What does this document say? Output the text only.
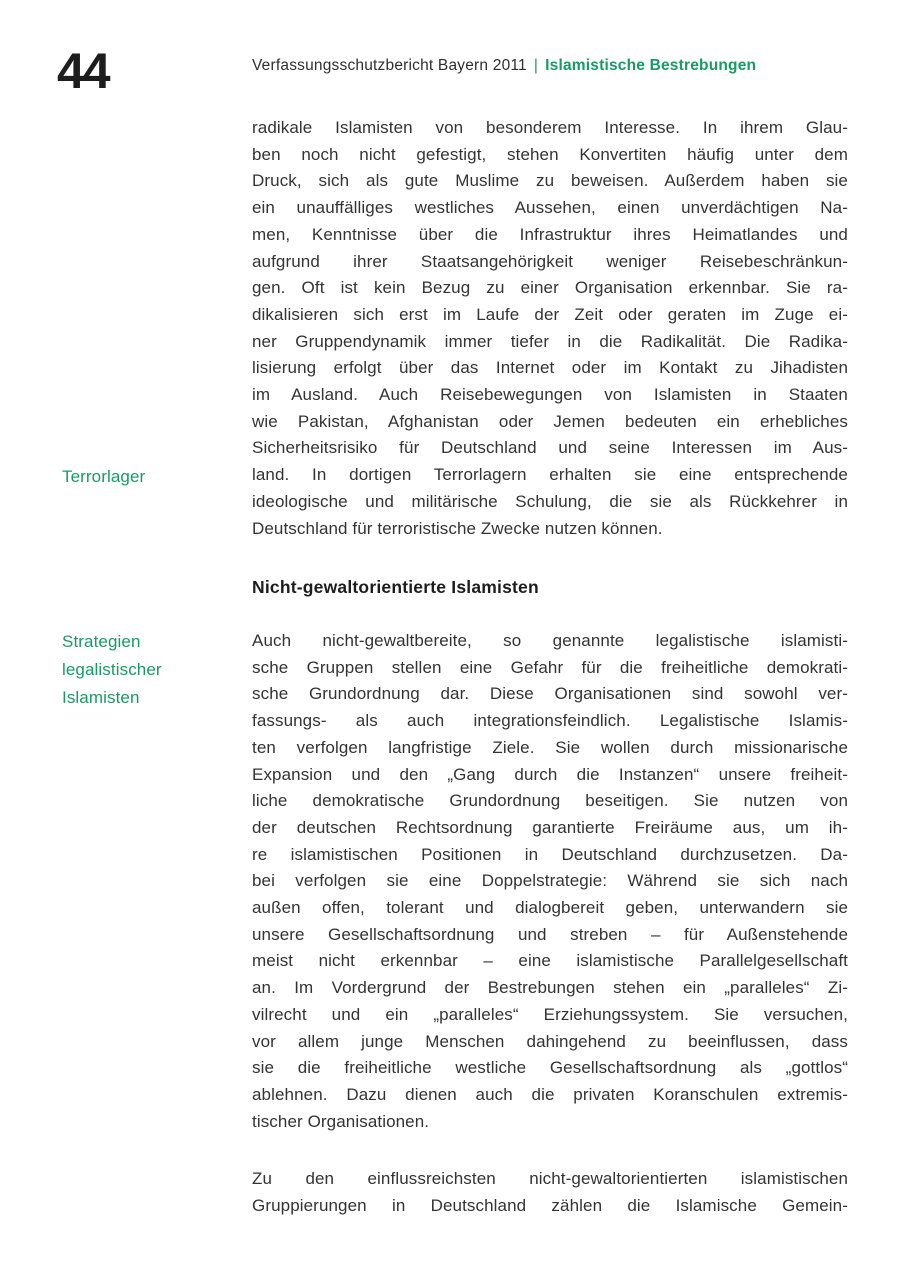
44	Verfassungsschutzbericht Bayern 2011 | Islamistische Bestrebungen
Terrorlager
Strategien
legalistischer
Islamisten
radikale Islamisten von besonderem Interesse. In ihrem Glau-
ben noch nicht gefestigt, stehen Konvertiten häufig unter dem
Druck, sich als gute Muslime zu beweisen. Außerdem haben sie
ein unauffälliges westliches Aussehen, einen unverdächtigen Na-
men, Kenntnisse über die Infrastruktur ihres Heimatlandes und
aufgrund ihrer Staatsangehörigkeit weniger Reisebeschränkun-
gen. Oft ist kein Bezug zu einer Organisation erkennbar. Sie ra-
dikalisieren sich erst im Laufe der Zeit oder geraten im Zuge ei-
ner Gruppendynamik immer tiefer in die Radikalität. Die Radika-
lisierung erfolgt über das Internet oder im Kontakt zu Jihadisten
im Ausland. Auch Reisebewegungen von Islamisten in Staaten
wie Pakistan, Afghanistan oder Jemen bedeuten ein erhebliches
Sicherheitsrisiko für Deutschland und seine Interessen im Aus-
land. In dortigen Terrorlagern erhalten sie eine entsprechende
ideologische und militärische Schulung, die sie als Rückkehrer in
Deutschland für terroristische Zwecke nutzen können.
Nicht-gewaltorientierte Islamisten
Auch nicht-gewaltbereite, so genannte legalistische islamisti-
sche Gruppen stellen eine Gefahr für die freiheitliche demokrati-
sche Grundordnung dar. Diese Organisationen sind sowohl ver-
fassungs- als auch integrationsfeindlich. Legalistische Islamis-
ten verfolgen langfristige Ziele. Sie wollen durch missionarische
Expansion und den „Gang durch die Instanzen“ unsere freiheit-
liche demokratische Grundordnung beseitigen. Sie nutzen von
der deutschen Rechtsordnung garantierte Freiräume aus, um ih-
re islamistischen Positionen in Deutschland durchzusetzen. Da-
bei verfolgen sie eine Doppelstrategie: Während sie sich nach
außen offen, tolerant und dialogbereit geben, unterwandern sie
unsere Gesellschaftsordnung und streben – für Außenstehende
meist nicht erkennbar – eine islamistische Parallelgesellschaft
an. Im Vordergrund der Bestrebungen stehen ein „paralleles“ Zi-
vilrecht und ein „paralleles“ Erziehungssystem. Sie versuchen,
vor allem junge Menschen dahingehend zu beeinflussen, dass
sie die freiheitliche westliche Gesellschaftsordnung als „gottlos“
ablehnen. Dazu dienen auch die privaten Koranschulen extremis-
tischer Organisationen.
Zu den einflussreichsten nicht-gewaltorientierten islamistischen
Gruppierungen in Deutschland zählen die Islamische Gemein-
